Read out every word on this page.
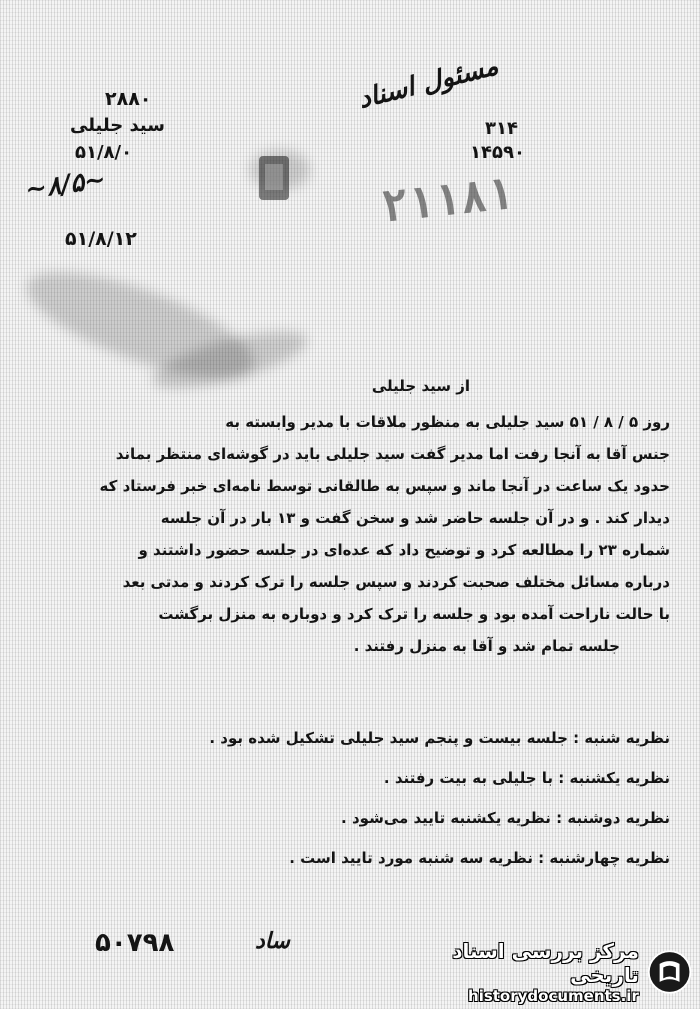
مسئول اسناد
۲۸۸۰
سید جلیلی
۵۱/۸/۰
۳۱۴
۱۴۵۹۰
۵۱/۸/۱۲
~۸/۵~	۲۱۱۸۱
از سید جلیلی
روز ۵ / ۸ / ۵۱ سید جلیلی به منظور ملاقات با مدیر وابسته به
جنس آقا به آنجا رفت اما مدیر گفت سید جلیلی باید در گوشه‌ای منتظر بماند
حدود یک ساعت در آنجا ماند و سپس به طالقانی توسط نامه‌ای خبر فرستاد که
دیدار کند . و در آن جلسه حاضر شد و سخن گفت و ۱۳ بار در آن جلسه
شماره ۲۳ را مطالعه کرد و توضیح داد که عده‌ای در جلسه حضور داشتند و
درباره مسائل مختلف صحبت کردند و سپس جلسه را ترک کردند و مدتی بعد
با حالت ناراحت آمده بود و جلسه را ترک کرد و دوباره به منزل برگشت
جلسه تمام شد و آقا به منزل رفتند .
نظریه شنبه : جلسه بیست و پنجم سید جلیلی تشکیل شده بود .
نظریه یکشنبه : با جلیلی به بیت رفتند .
نظریه دوشنبه : نظریه یکشنبه تایید می‌شود .
نظریه چهارشنبه : نظریه سه شنبه مورد تایید است .
۵۰۷۹۸	ساد	مرکز بررسی اسناد تاریخی
historydocuments.ir
